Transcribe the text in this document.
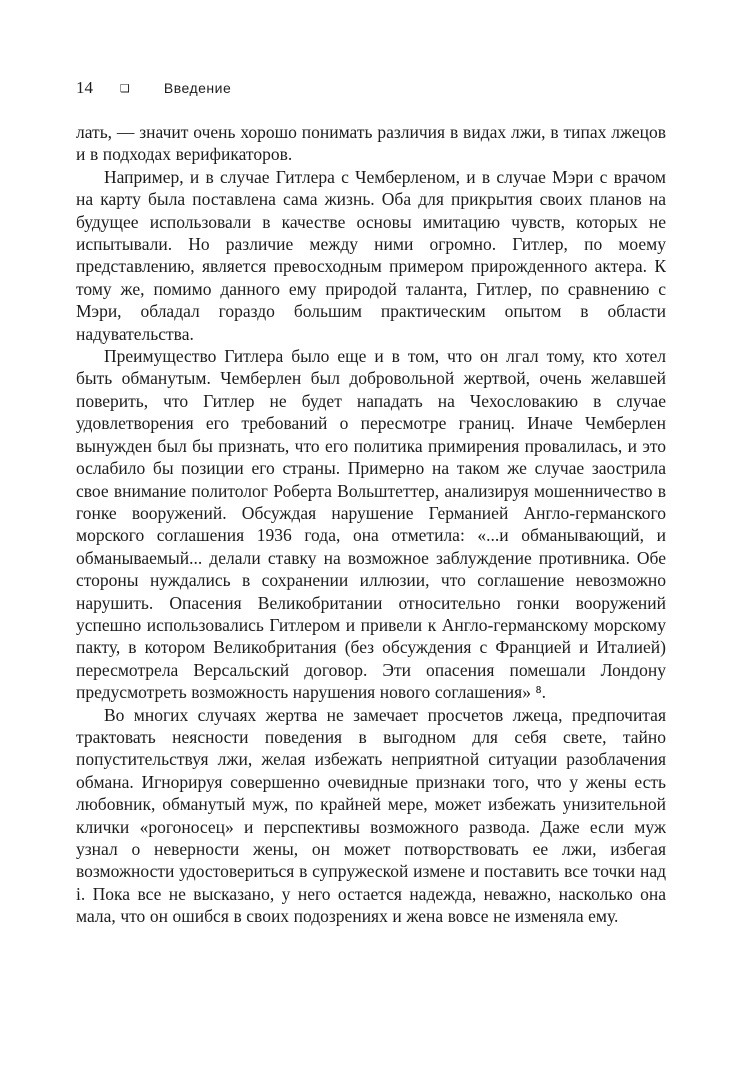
14 ❑ Введение

лать, — значит очень хорошо понимать различия в видах лжи, в типах лжецов и в подходах верификаторов.

Например, и в случае Гитлера с Чемберленом, и в случае Мэри с врачом на карту была поставлена сама жизнь. Оба для прикрытия своих планов на будущее использовали в качестве основы имитацию чувств, которых не испытывали. Но различие между ними огромно. Гитлер, по моему представлению, является превосходным примером прирожденного актера. К тому же, помимо данного ему природой таланта, Гитлер, по сравнению с Мэри, обладал гораздо большим практическим опытом в области надувательства.

Преимущество Гитлера было еще и в том, что он лгал тому, кто хотел быть обманутым. Чемберлен был добровольной жертвой, очень желавшей поверить, что Гитлер не будет нападать на Чехословакию в случае удовлетворения его требований о пересмотре границ. Иначе Чемберлен вынужден был бы признать, что его политика примирения провалилась, и это ослабило бы позиции его страны. Примерно на таком же случае заострила свое внимание политолог Роберта Вольштеттер, анализируя мошенничество в гонке вооружений. Обсуждая нарушение Германией Англо-германского морского соглашения 1936 года, она отметила: «...и обманывающий, и обманываемый... делали ставку на возможное заблуждение противника. Обе стороны нуждались в сохранении иллюзии, что соглашение невозможно нарушить. Опасения Великобритании относительно гонки вооружений успешно использовались Гитлером и привели к Англо-германскому морскому пакту, в котором Великобритания (без обсуждения с Францией и Италией) пересмотрела Версальский договор. Эти опасения помешали Лондону предусмотреть возможность нарушения нового соглашения» ⁸.

Во многих случаях жертва не замечает просчетов лжеца, предпочитая трактовать неясности поведения в выгодном для себя свете, тайно попустительствуя лжи, желая избежать неприятной ситуации разоблачения обмана. Игнорируя совершенно очевидные признаки того, что у жены есть любовник, обманутый муж, по крайней мере, может избежать унизительной клички «рогоносец» и перспективы возможного развода. Даже если муж узнал о неверности жены, он может потворствовать ее лжи, избегая возможности удостовериться в супружеской измене и поставить все точки над i. Пока все не высказано, у него остается надежда, неважно, насколько она мала, что он ошибся в своих подозрениях и жена вовсе не изменяла ему.
